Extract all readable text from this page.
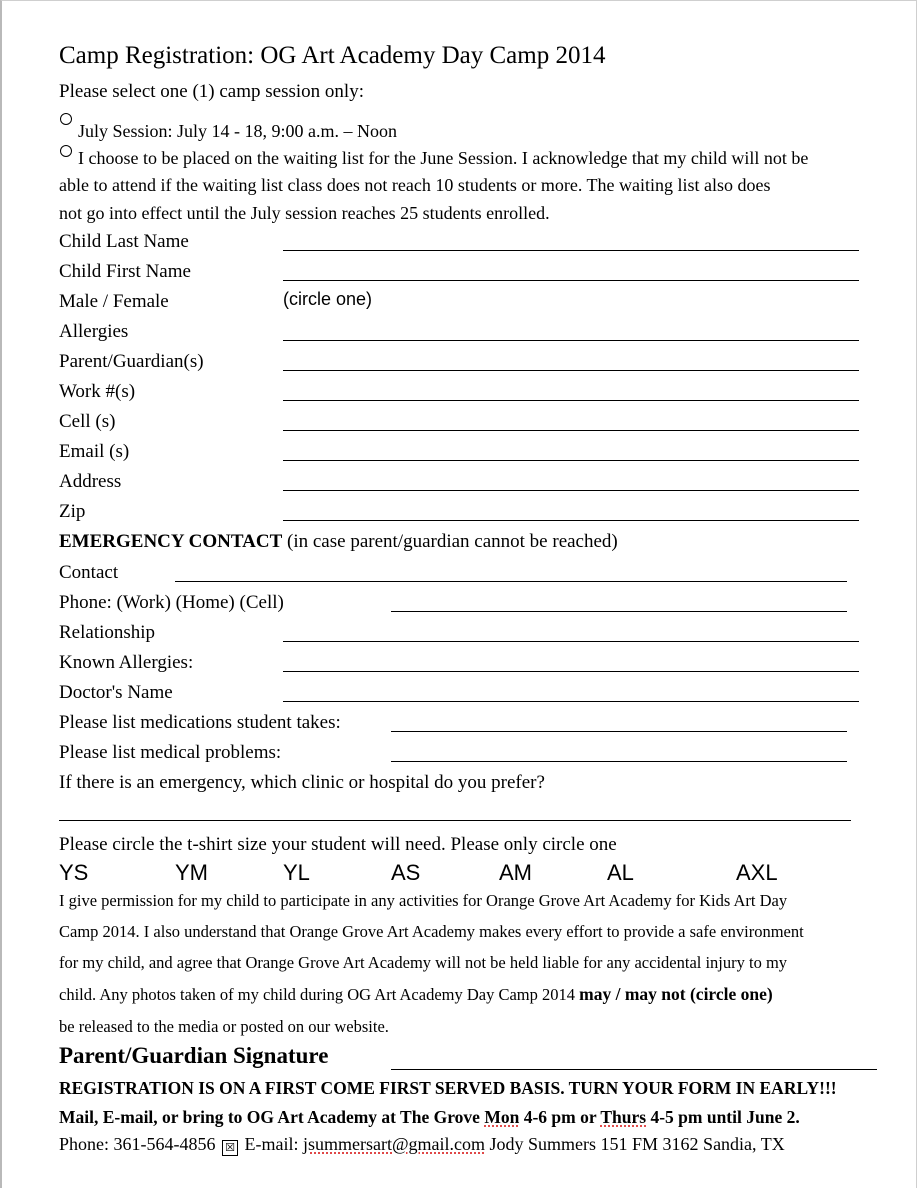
Camp Registration: OG Art Academy Day Camp 2014
Please select one (1) camp session only:
July Session: July 14 - 18, 9:00 a.m. – Noon
I choose to be placed on the waiting list for the June Session. I acknowledge that my child will not be
able to attend if the waiting list class does not reach 10 students or more. The waiting list also does
not go into effect until the July session reaches 25 students enrolled.
Child Last Name
Child First Name
Male / Female	(circle one)
Allergies
Parent/Guardian(s)
Work #(s)
Cell (s)
Email (s)
Address
Zip
EMERGENCY CONTACT (in case parent/guardian cannot be reached)
Contact
Phone: (Work) (Home) (Cell)
Relationship
Known Allergies:
Doctor's Name
Please list medications student takes:
Please list medical problems:
If there is an emergency, which clinic or hospital do you prefer?
Please circle the t-shirt size your student will need. Please only circle one
YS	YM	YL	AS	AM	AL	AXL
I give permission for my child to participate in any activities for Orange Grove Art Academy for Kids Art Day
Camp 2014. I also understand that Orange Grove Art Academy makes every effort to provide a safe environment
for my child, and agree that Orange Grove Art Academy will not be held liable for any accidental injury to my
child. Any photos taken of my child during OG Art Academy Day Camp 2014 may / may not (circle one)
be released to the media or posted on our website.
Parent/Guardian Signature
REGISTRATION IS ON A FIRST COME FIRST SERVED BASIS. TURN YOUR FORM IN EARLY!!!
Mail, E-mail, or bring to OG Art Academy at The Grove Mon 4-6 pm or Thurs 4-5 pm until June 2.
Phone: 361-564-4856 ☒ E-mail: jsummersart@gmail.com Jody Summers 151 FM 3162 Sandia, TX
